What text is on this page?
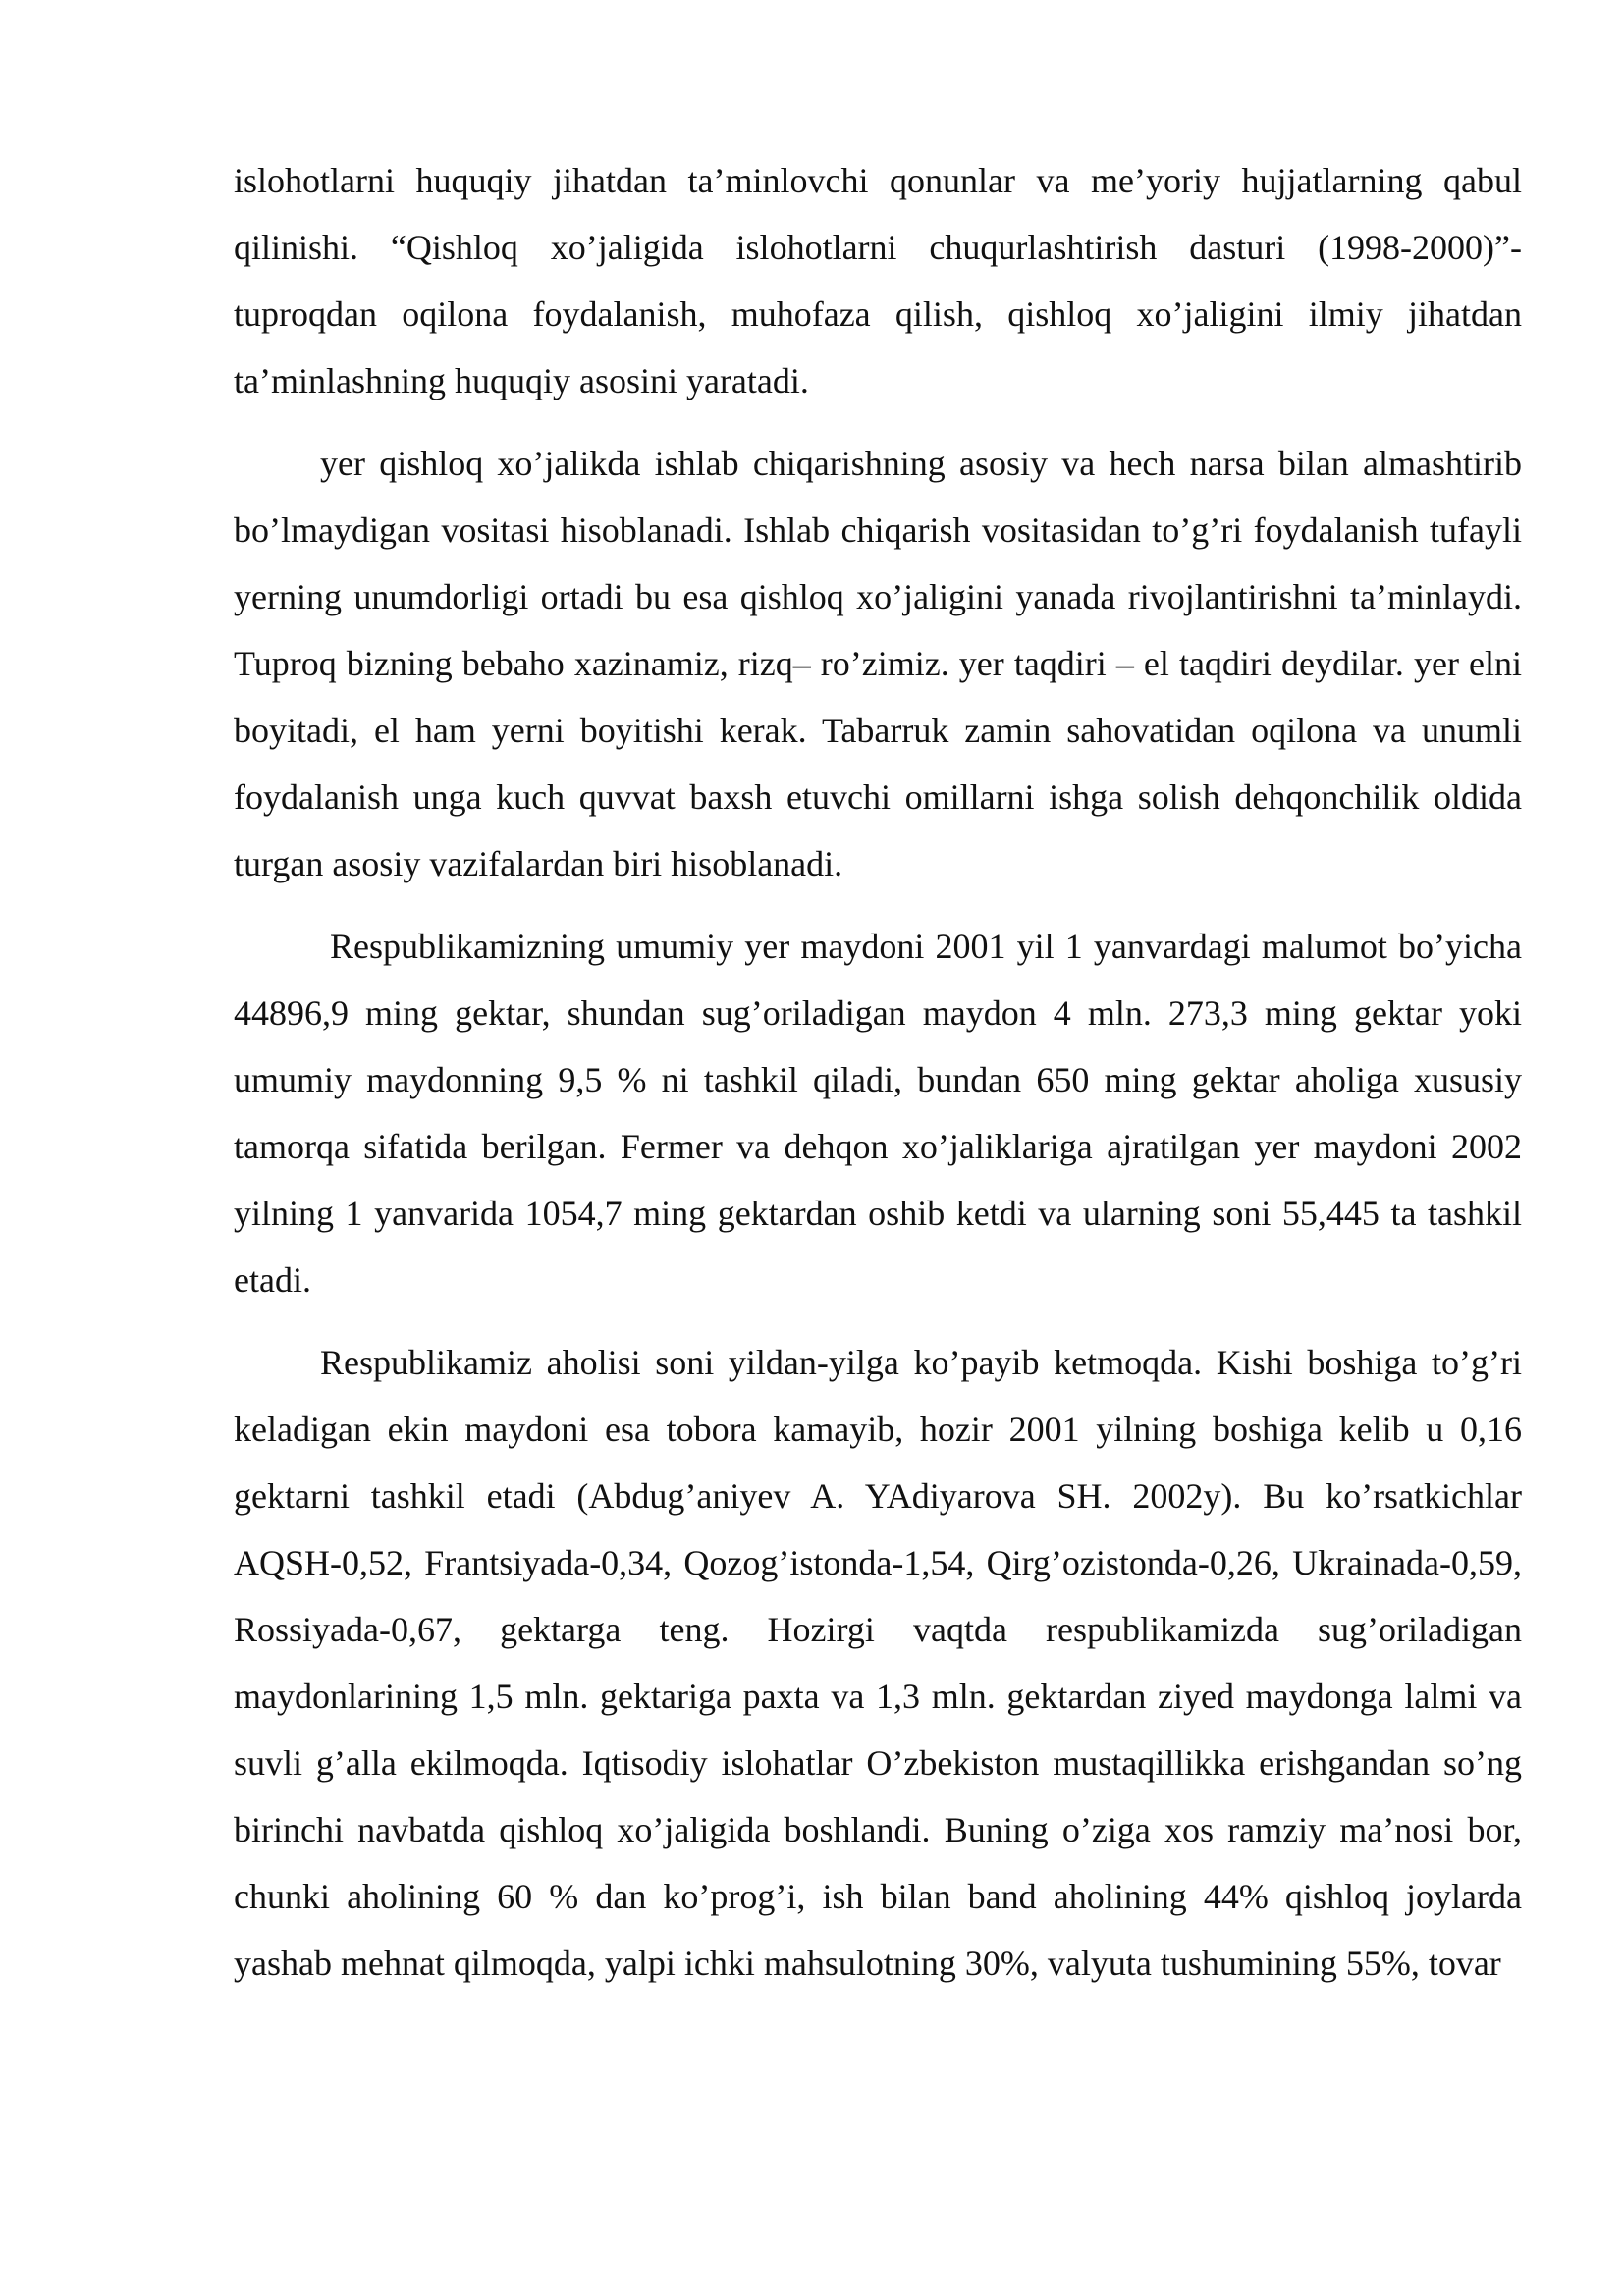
islohotlarni huquqiy jihatdan ta’minlovchi qonunlar va me’yoriy hujjatlarning qabul qilinishi. “Qishloq xo’jaligida islohotlarni chuqurlashtirish dasturi (1998-2000)”-tuproqdan oqilona foydalanish, muhofaza qilish, qishloq xo’jaligini ilmiy jihatdan ta’minlashning huquqiy asosini yaratadi.

yer qishloq xo’jalikda ishlab chiqarishning asosiy va hech narsa bilan almashtirib bo’lmaydigan vositasi hisoblanadi. Ishlab chiqarish vositasidan to’g’ri foydalanish tufayli yerning unumdorligi ortadi bu esa qishloq xo’jaligini yanada rivojlantirishni ta’minlaydi. Tuproq bizning bebaho xazinamiz, rizq– ro’zimiz. yer taqdiri – el taqdiri deydilar. yer elni boyitadi, el ham yerni boyitishi kerak. Tabarruk zamin sahovatidan oqilona va unumli foydalanish unga kuch quvvat baxsh etuvchi omillarni ishga solish dehqonchilik oldida turgan asosiy vazifalardan biri hisoblanadi.

Respublikamizning umumiy yer maydoni 2001 yil 1 yanvardagi malumot bo’yicha 44896,9 ming gektar, shundan sug’oriladigan maydon 4 mln. 273,3 ming gektar yoki umumiy maydonning 9,5 % ni tashkil qiladi, bundan 650 ming gektar aholiga xususiy tamorqa sifatida berilgan. Fermer va dehqon xo’jaliklariga ajratilgan yer maydoni 2002 yilning 1 yanvarida 1054,7 ming gektardan oshib ketdi va ularning soni 55,445 ta tashkil etadi.

Respublikamiz aholisi soni yildan-yilga ko’payib ketmoqda. Kishi boshiga to’g’ri keladigan ekin maydoni esa tobora kamayib, hozir 2001 yilning boshiga kelib u 0,16 gektarni tashkil etadi (Abdug’aniyev A. YAdiyarova SH. 2002y). Bu ko’rsatkichlar AQSH-0,52, Frantsiyada-0,34, Qozog’istonda-1,54, Qirg’ozistonda-0,26, Ukrainada-0,59, Rossiyada-0,67, gektarga teng. Hozirgi vaqtda respublikamizda sug’oriladigan maydonlarining 1,5 mln. gektariga paxta va 1,3 mln. gektardan ziyed maydonga lalmi va suvli g’alla ekilmoqda. Iqtisodiy islohatlar O’zbekiston mustaqillikka erishgandan so’ng birinchi navbatda qishloq xo’jaligida boshlandi. Buning o’ziga xos ramziy ma’nosi bor, chunki aholining 60 % dan ko’prog’i, ish bilan band aholining 44% qishloq joylarda yashab mehnat qilmoqda, yalpi ichki mahsulotning 30%, valyuta tushumining 55%, tovar
